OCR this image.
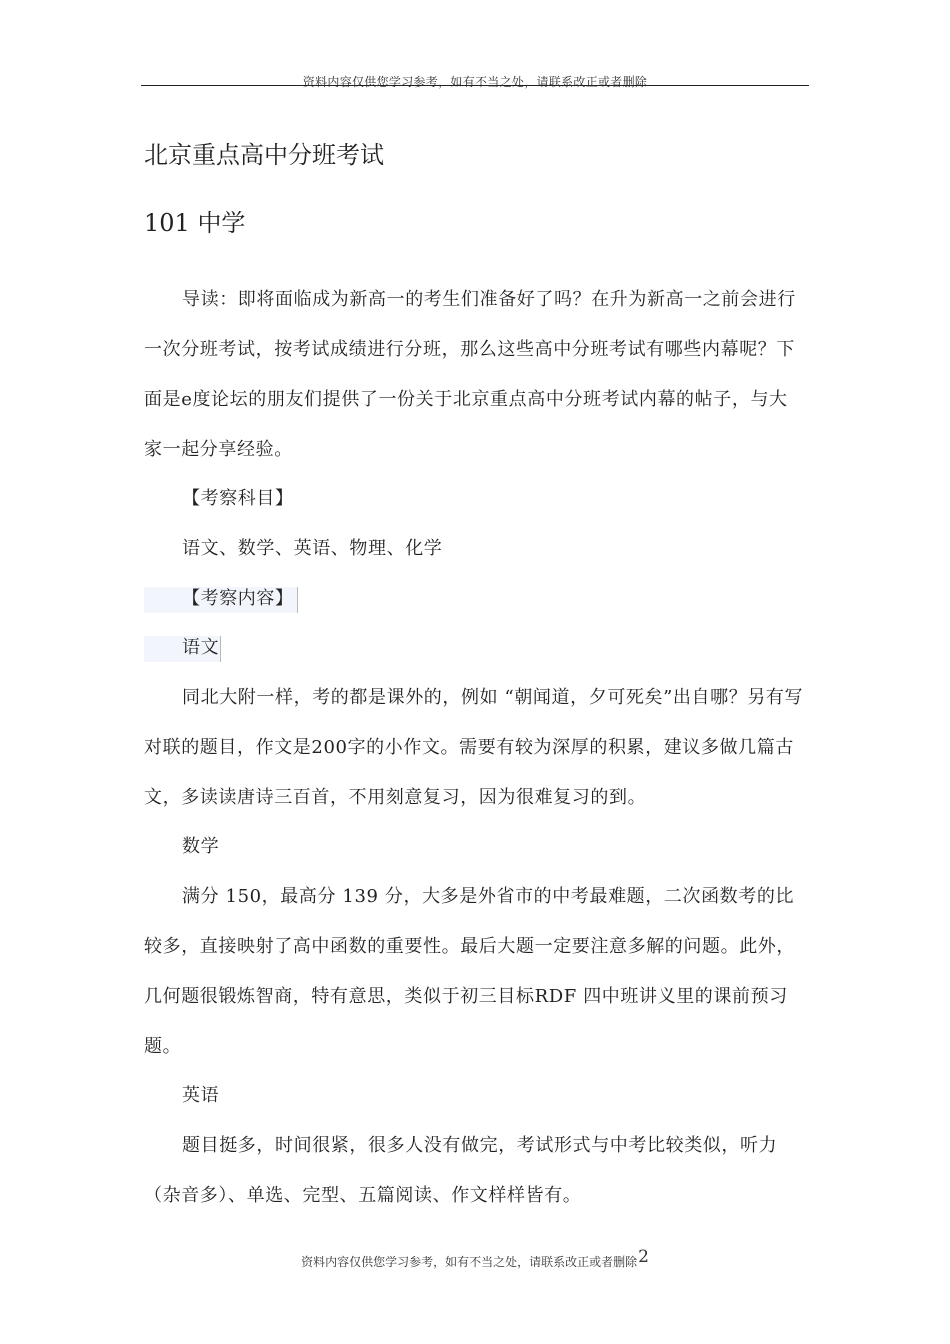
资料内容仅供您学习参考，如有不当之处，请联系改正或者删除
北京重点高中分班考试
101 中学

导读：即将面临成为新高一的考生们准备好了吗？在升为新高一之前会进行一次分班考试，按考试成绩进行分班，那么这些高中分班考试有哪些内幕呢？下面是e度论坛的朋友们提供了一份关于北京重点高中分班考试内幕的帖子，与大家一起分享经验。

【考察科目】

语文、数学、英语、物理、化学

【考察内容】

语文

同北大附一样，考的都是课外的，例如 “朝闻道，夕可死矣”出自哪？另有写对联的题目，作文是200字的小作文。需要有较为深厚的积累，建议多做几篇古文，多读读唐诗三百首，不用刻意复习，因为很难复习的到。

数学

满分 150，最高分 139 分，大多是外省市的中考最难题，二次函数考的比较多，直接映射了高中函数的重要性。最后大题一定要注意多解的问题。此外，几何题很锻炼智商，特有意思，类似于初三目标RDF 四中班讲义里的课前预习题。

英语

题目挺多，时间很紧，很多人没有做完，考试形式与中考比较类似，听力（杂音多）、单选、完型、五篇阅读、作文样样皆有。

资料内容仅供您学习参考，如有不当之处，请联系改正或者删除2
